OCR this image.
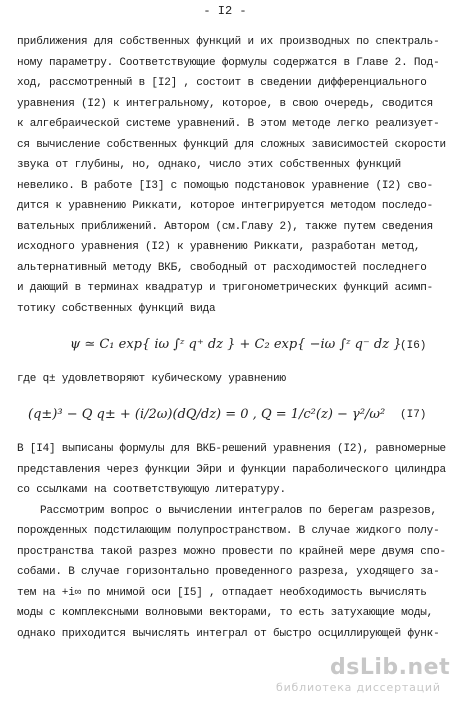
- I2 -
приближения для собственных функций и их производных по спектраль-
ному параметру. Соответствующие формулы содержатся в Главе 2. Под-
ход, рассмотренный в [I2] , состоит в сведении дифференциального
уравнения (I2) к интегральному, которое, в свою очередь, сводится
к алгебраической системе уравнений. В этом методе легко реализует-
ся вычисление собственных функций для сложных зависимостей скорости
звука от глубины, но, однако, число этих собственных функций
невелико. В работе [I3] с помощью подстановок уравнение (I2) сво-
дится к уравнению Риккати, которое интегрируется методом последо-
вательных приближений. Автором (см.Главу 2), также путем сведения
исходного уравнения (I2) к уравнению Риккати, разработан метод,
альтернативный методу ВКБ, свободный от расходимостей последнего
и дающий в терминах квадратур и тригонометрических функций асимп-
тотику собственных функций вида
ψ ≃ C₁ exp{ iω ∫ᶻ q⁺ dz } + C₂ exp{ −iω ∫ᶻ q⁻ dz }
(I6)
где q± удовлетворяют кубическому уравнению
(q±)³ − Q q± + (i/2ω)(dQ/dz) = 0 , Q = 1/c²(z) − γ²/ω² (I7)
В [I4] выписаны формулы для ВКБ-решений уравнения (I2), равномерные
представления через функции Эйри и функции параболического цилиндра
со ссылками на соответствующую литературу.
Рассмотрим вопрос о вычислении интегралов по берегам разрезов,
порожденных подстилающим полупространством. В случае жидкого полу-
пространства такой разрез можно провести по крайней мере двумя спо-
собами. В случае горизонтально проведенного разреза, уходящего за-
тем на +i∞ по мнимой оси [I5] , отпадает необходимость вычислять
моды с комплексными волновыми векторами, то есть затухающие моды,
однако приходится вычислять интеграл от быстро осциллирующей функ-
dsLib.net
библиотека диссертаций
